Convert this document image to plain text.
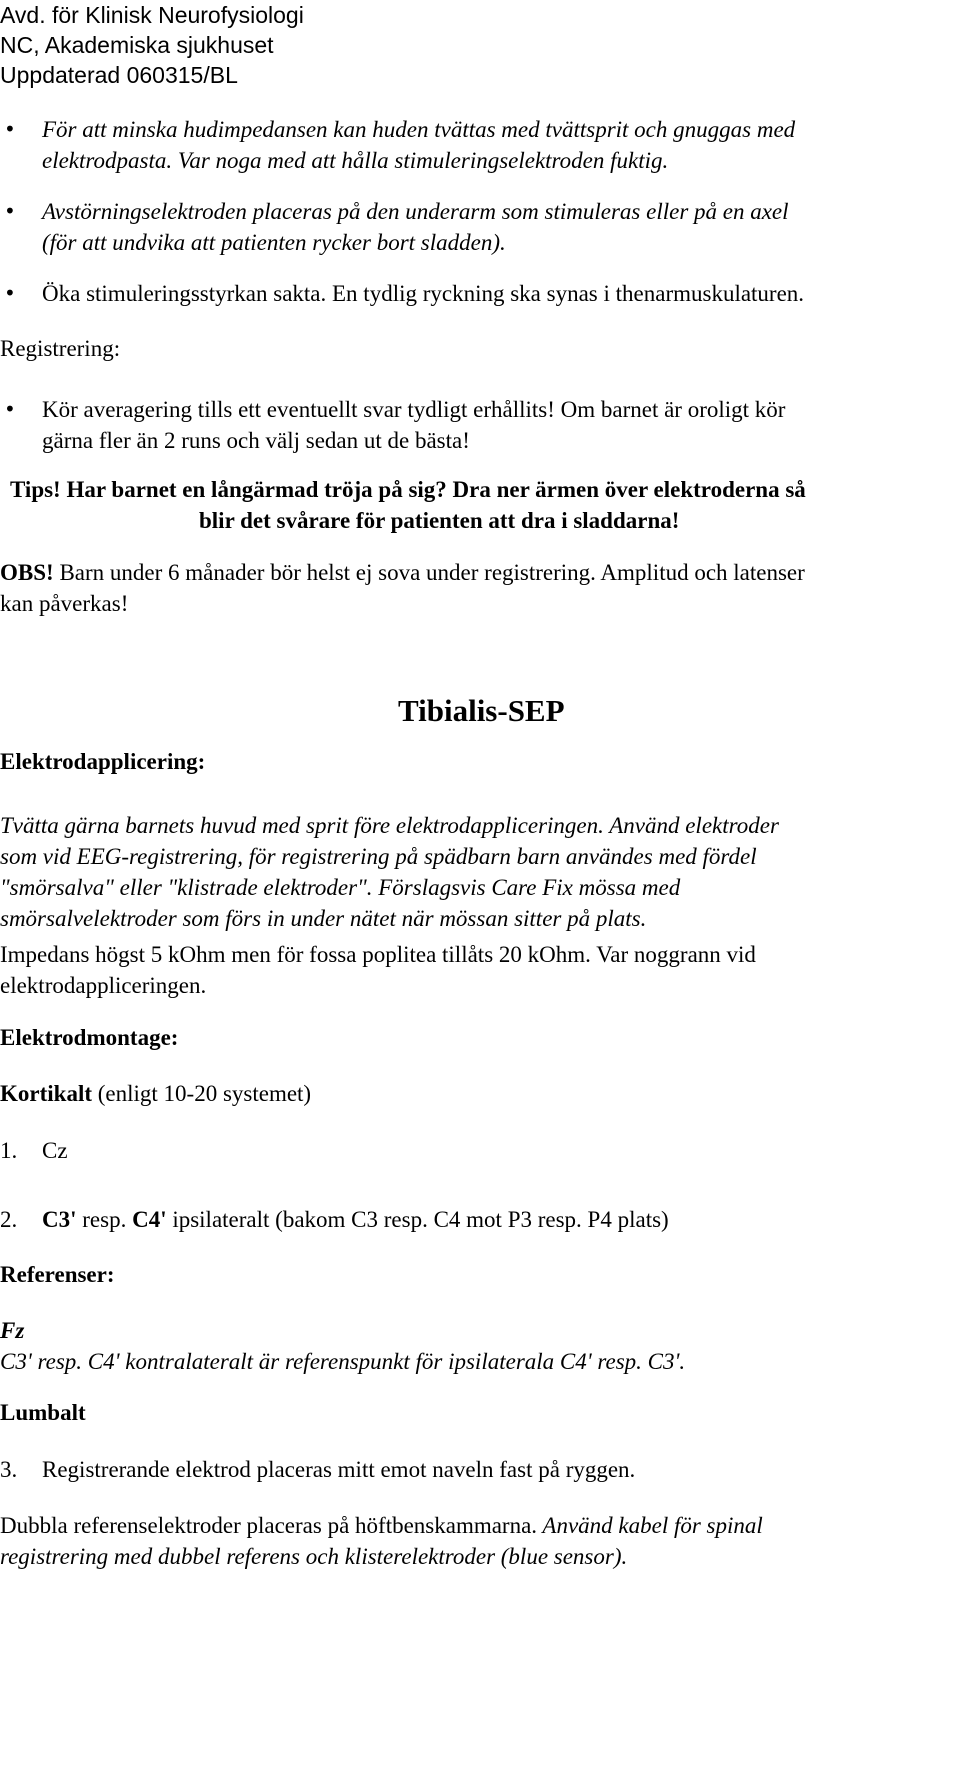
Avd. för Klinisk Neurofysiologi
NC, Akademiska sjukhuset
Uppdaterad 060315/BL
• För att minska hudimpedansen kan huden tvättas med tvättsprit och gnuggas med
elektrodpasta. Var noga med att hålla stimuleringselektroden fuktig.
• Avstörningselektroden placeras på den underarm som stimuleras eller på en axel
(för att undvika att patienten rycker bort sladden).
• Öka stimuleringsstyrkan sakta. En tydlig ryckning ska synas i thenarmuskulaturen.
Registrering:
• Kör averagering tills ett eventuellt svar tydligt erhållits! Om barnet är oroligt kör
gärna fler än 2 runs och välj sedan ut de bästa!
Tips! Har barnet en långärmad tröja på sig? Dra ner ärmen över elektroderna så
blir det svårare för patienten att dra i sladdarna!
OBS! Barn under 6 månader bör helst ej sova under registrering. Amplitud och latenser
kan påverkas!
Tibialis-SEP
Elektrodapplicering:
Tvätta gärna barnets huvud med sprit före elektrodappliceringen. Använd elektroder
som vid EEG-registrering, för registrering på spädbarn barn användes med fördel
"smörsalva" eller "klistrade elektroder". Förslagsvis Care Fix mössa med
smörsalvelektroder som förs in under nätet när mössan sitter på plats.
Impedans högst 5 kOhm men för fossa poplitea tillåts 20 kOhm. Var noggrann vid
elektrodappliceringen.
Elektrodmontage:
Kortikalt (enligt 10-20 systemet)
1. Cz
2. C3' resp. C4' ipsilateralt (bakom C3 resp. C4 mot P3 resp. P4 plats)
Referenser:
Fz
C3' resp. C4' kontralateralt är referenspunkt för ipsilaterala C4' resp. C3'.
Lumbalt
3. Registrerande elektrod placeras mitt emot naveln fast på ryggen.
Dubbla referenselektroder placeras på höftbenskammarna. Använd kabel för spinal
registrering med dubbel referens och klisterelektroder (blue sensor).
